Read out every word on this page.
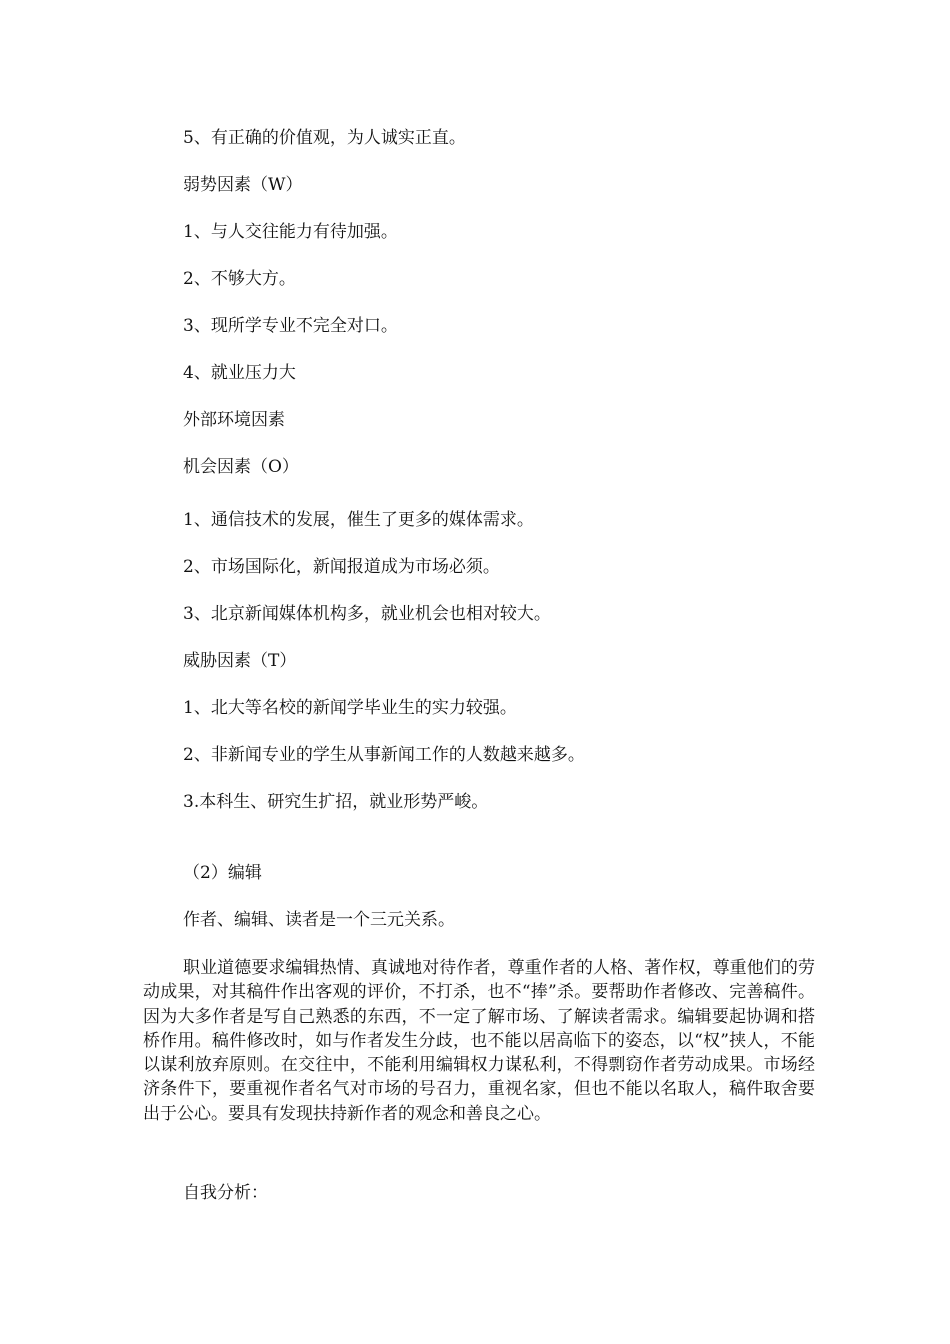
5、有正确的价值观，为人诚实正直。
弱势因素（W）
1、与人交往能力有待加强。
2、不够大方。
3、现所学专业不完全对口。
4、就业压力大
外部环境因素
机会因素（O）
1、通信技术的发展，催生了更多的媒体需求。
2、市场国际化，新闻报道成为市场必须。
3、北京新闻媒体机构多，就业机会也相对较大。
威胁因素（T）
1、北大等名校的新闻学毕业生的实力较强。
2、非新闻专业的学生从事新闻工作的人数越来越多。
3.本科生、研究生扩招，就业形势严峻。
（2）编辑
作者、编辑、读者是一个三元关系。
职业道德要求编辑热情、真诚地对待作者，尊重作者的人格、著作权，尊重他们的劳动成果，对其稿件作出客观的评价，不打杀，也不“捧”杀。要帮助作者修改、完善稿件。因为大多作者是写自己熟悉的东西，不一定了解市场、了解读者需求。编辑要起协调和搭桥作用。稿件修改时，如与作者发生分歧，也不能以居高临下的姿态，以“权”挟人，不能以谋利放弃原则。在交往中，不能利用编辑权力谋私利，不得剽窃作者劳动成果。市场经济条件下，要重视作者名气对市场的号召力，重视名家，但也不能以名取人，稿件取舍要出于公心。要具有发现扶持新作者的观念和善良之心。
自我分析：
